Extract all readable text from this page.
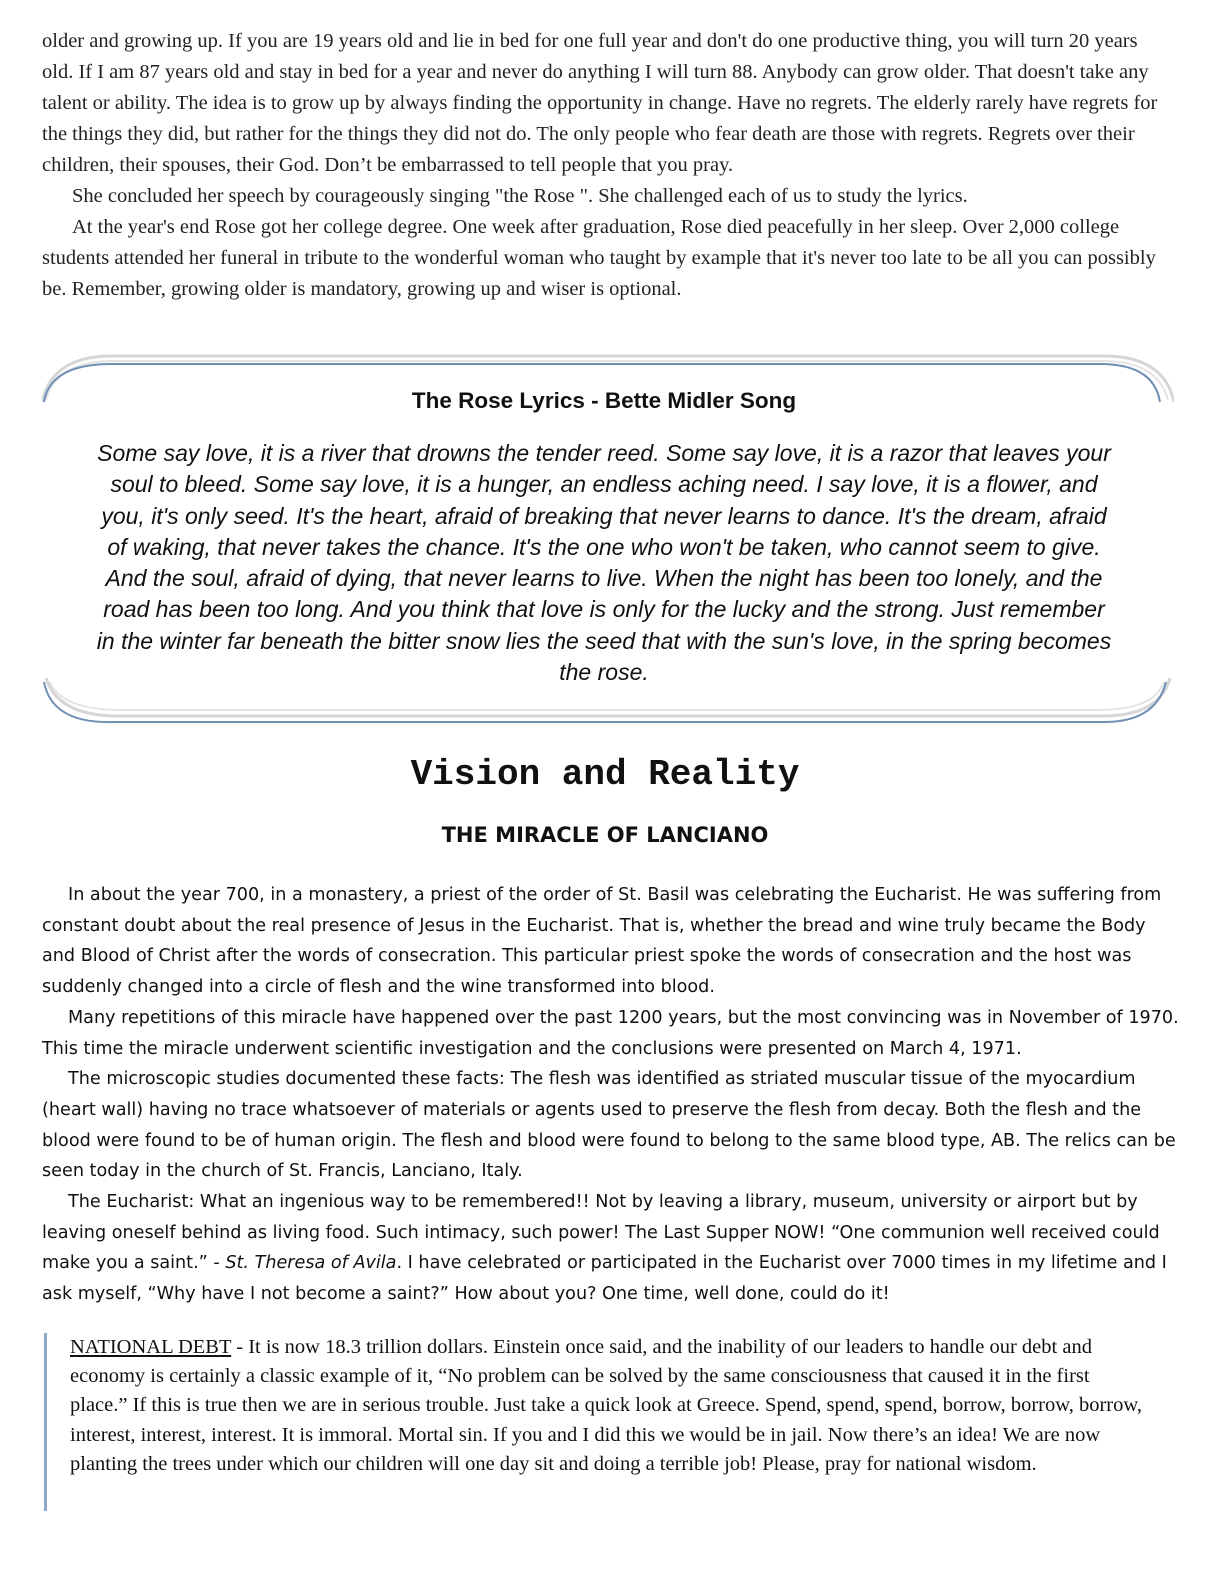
older and growing up. If you are 19 years old and lie in bed for one full year and don't do one productive thing, you will turn 20 years old. If I am 87 years old and stay in bed for a year and never do anything I will turn 88. Anybody can grow older. That doesn't take any talent or ability. The idea is to grow up by always finding the opportunity in change. Have no regrets. The elderly rarely have regrets for the things they did, but rather for the things they did not do. The only people who fear death are those with regrets. Regrets over their children, their spouses, their God. Don’t be embarrassed to tell people that you pray.

She concluded her speech by courageously singing "the Rose ". She challenged each of us to study the lyrics.

At the year's end Rose got her college degree. One week after graduation, Rose died peacefully in her sleep. Over 2,000 college students attended her funeral in tribute to the wonderful woman who taught by example that it's never too late to be all you can possibly be. Remember, growing older is mandatory, growing up and wiser is optional.

The Rose Lyrics - Bette Midler Song

Some say love, it is a river that drowns the tender reed. Some say love, it is a razor that leaves your soul to bleed. Some say love, it is a hunger, an endless aching need. I say love, it is a flower, and you, it's only seed. It's the heart, afraid of breaking that never learns to dance. It's the dream, afraid of waking, that never takes the chance. It's the one who won't be taken, who cannot seem to give. And the soul, afraid of dying, that never learns to live. When the night has been too lonely, and the road has been too long. And you think that love is only for the lucky and the strong. Just remember in the winter far beneath the bitter snow lies the seed that with the sun's love, in the spring becomes the rose.

Vision and Reality
THE MIRACLE OF LANCIANO

In about the year 700, in a monastery, a priest of the order of St. Basil was celebrating the Eucharist. He was suffering from constant doubt about the real presence of Jesus in the Eucharist. That is, whether the bread and wine truly became the Body and Blood of Christ after the words of consecration. This particular priest spoke the words of consecration and the host was suddenly changed into a circle of flesh and the wine transformed into blood.

Many repetitions of this miracle have happened over the past 1200 years, but the most convincing was in November of 1970. This time the miracle underwent scientific investigation and the conclusions were presented on March 4, 1971.

The microscopic studies documented these facts: The flesh was identified as striated muscular tissue of the myocardium (heart wall) having no trace whatsoever of materials or agents used to preserve the flesh from decay. Both the flesh and the blood were found to be of human origin. The flesh and blood were found to belong to the same blood type, AB. The relics can be seen today in the church of St. Francis, Lanciano, Italy.

The Eucharist: What an ingenious way to be remembered!! Not by leaving a library, museum, university or airport but by leaving oneself behind as living food. Such intimacy, such power! The Last Supper NOW! “One communion well received could make you a saint.” - St. Theresa of Avila. I have celebrated or participated in the Eucharist over 7000 times in my lifetime and I ask myself, “Why have I not become a saint?” How about you? One time, well done, could do it!

NATIONAL DEBT - It is now 18.3 trillion dollars. Einstein once said, and the inability of our leaders to handle our debt and economy is certainly a classic example of it, “No problem can be solved by the same consciousness that caused it in the first place.” If this is true then we are in serious trouble. Just take a quick look at Greece. Spend, spend, spend, borrow, borrow, borrow, interest, interest, interest. It is immoral. Mortal sin. If you and I did this we would be in jail. Now there’s an idea! We are now planting the trees under which our children will one day sit and doing a terrible job! Please, pray for national wisdom.
